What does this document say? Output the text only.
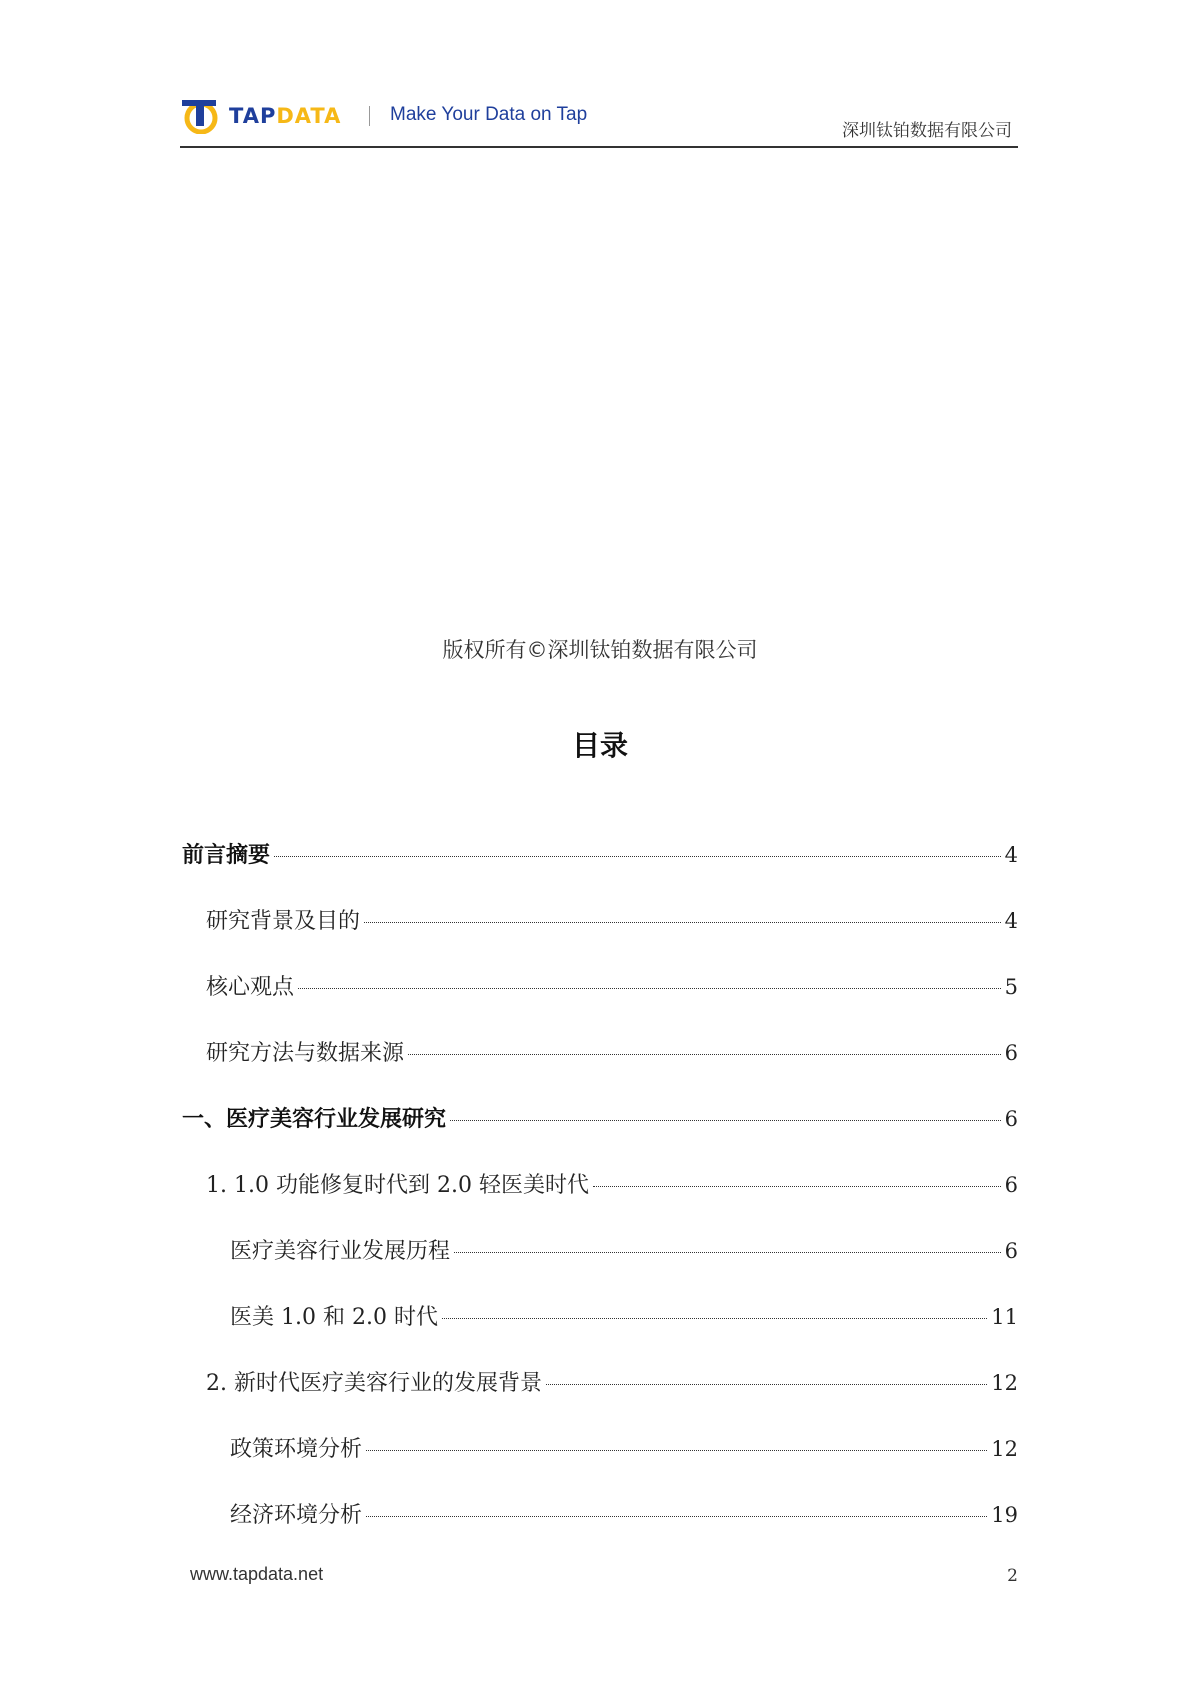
TAPDATA	Make Your Data on Tap
深圳钛铂数据有限公司
版权所有©深圳钛铂数据有限公司
目录
前言摘要	4
研究背景及目的	4
核心观点	5
研究方法与数据来源	6
一、医疗美容行业发展研究	6
1. 1.0 功能修复时代到 2.0 轻医美时代	6
医疗美容行业发展历程	6
医美 1.0 和 2.0 时代	11
2. 新时代医疗美容行业的发展背景	12
政策环境分析	12
经济环境分析	19
www.tapdata.net	2
